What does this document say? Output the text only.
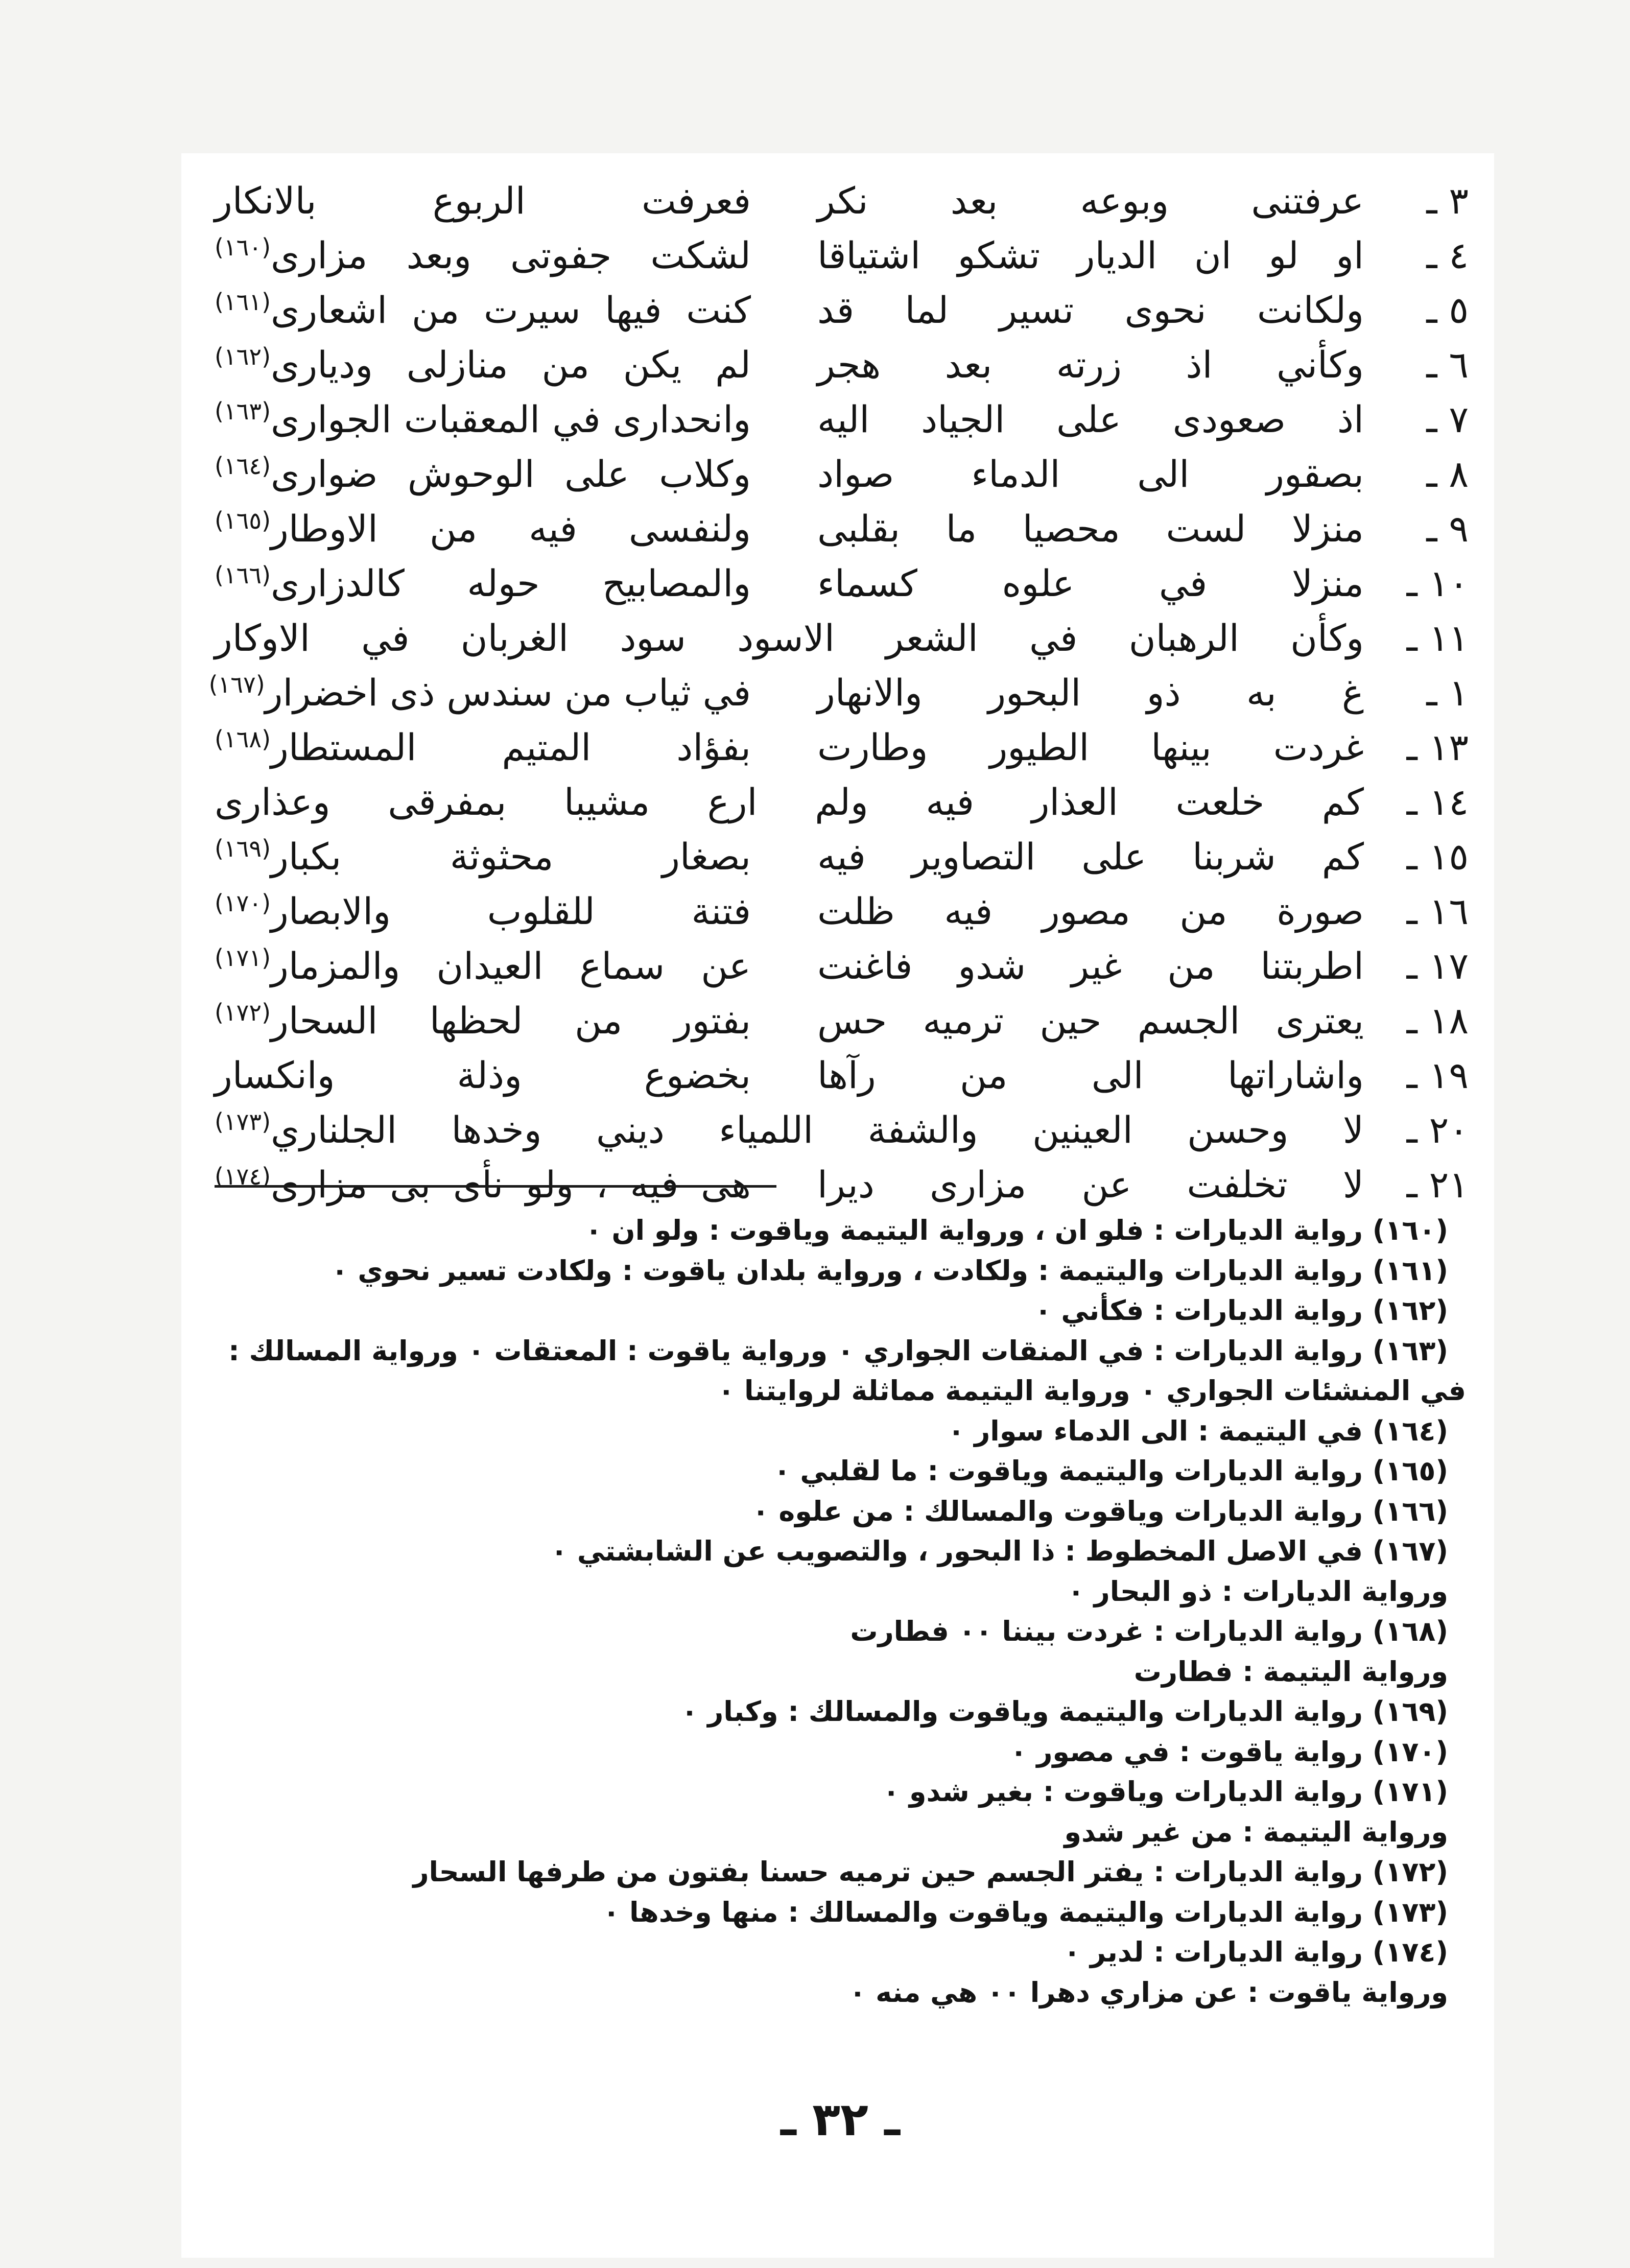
٣ ـ
عرفتنى وبوعه بعد نكر
فعرفت الربوع بالانكار
٤ ـ
او لو ان الديار تشكو اشتياقا
لشكت جفوتى وبعد مزارى$^{(١٦٠)}$
٥ ـ
ولكانت نحوى تسير لما قد
كنت فيها سيرت من اشعارى$^{(١٦١)}$
٦ ـ
وكأني اذ زرته بعد هجر
لم يكن من منازلى وديارى$^{(١٦٢)}$
٧ ـ
اذ صعودى على الجياد اليه
وانحدارى في المعقبات الجوارى$^{(١٦٣)}$
٨ ـ
بصقور الى الدماء صواد
وكلاب على الوحوش ضوارى$^{(١٦٤)}$
٩ ـ
منزلا لست محصيا ما بقلبى
ولنفسى فيه من الاوطار$^{(١٦٥)}$
١٠ ـ
منزلا في علوه كسماء
والمصابيح حوله كالدزارى$^{(١٦٦)}$
١١ ـ
وكأن الرهبان في الشعر الاسود سود الغربان في الاوكار
١ ـ
غ به ذو البحور والانهار
في ثياب من سندس ذى اخضرار$^{(١٦٧)}$
١٣ ـ
غردت بينها الطيور وطارت
بفؤاد المتيم المستطار$^{(١٦٨)}$
١٤ ـ
كم خلعت العذار فيه ولم ارع مشيبا بمفرقى وعذارى
١٥ ـ
كم شربنا على التصاوير فيه
بصغار محثوثة بكبار$^{(١٦٩)}$
١٦ ـ
صورة من مصور فيه ظلت
فتنة للقلوب والابصار$^{(١٧٠)}$
١٧ ـ
اطربتنا من غير شدو فاغنت
عن سماع العيدان والمزمار$^{(١٧١)}$
١٨ ـ
يعترى الجسم حين ترميه حس
بفتور من لحظها السحار$^{(١٧٢)}$
١٩ ـ
واشاراتها الى من رآها
بخضوع وذلة وانكسار
٢٠ ـ
لا وحسن العينين والشفة اللمياء ديني وخدها الجلناري$^{(١٧٣)}$
٢١ ـ
لا تخلفت عن مزارى ديرا
هى فيه ، ولو نأى بى مزارى$^{(١٧٤)}$
(١٦٠) رواية الديارات : فلو ان ، ورواية اليتيمة وياقوت : ولو ان ٠
(١٦١) رواية الديارات واليتيمة : ولكادت ، ورواية بلدان ياقوت : ولكادت تسير نحوي ٠
(١٦٢) رواية الديارات : فكأني ٠
(١٦٣) رواية الديارات : في المنقات الجواري ٠ ورواية ياقوت : المعتقات ٠ ورواية المسالك :
في المنشئات الجواري ٠ ورواية اليتيمة مماثلة لروايتنا ٠
(١٦٤) في اليتيمة : الى الدماء سوار ٠
(١٦٥) رواية الديارات واليتيمة وياقوت : ما لقلبي ٠
(١٦٦) رواية الديارات وياقوت والمسالك : من علوه ٠
(١٦٧) في الاصل المخطوط : ذا البحور ، والتصويب عن الشابشتي ٠
ورواية الديارات : ذو البحار ٠
(١٦٨) رواية الديارات : غردت بيننا ٠٠ فطارت
ورواية اليتيمة : فطارت
(١٦٩) رواية الديارات واليتيمة وياقوت والمسالك : وكبار ٠
(١٧٠) رواية ياقوت : في مصور ٠
(١٧١) رواية الديارات وياقوت : بغير شدو ٠
ورواية اليتيمة : من غير شدو
(١٧٢) رواية الديارات : يفتر الجسم حين ترميه حسنا بفتون من طرفها السحار
(١٧٣) رواية الديارات واليتيمة وياقوت والمسالك : منها وخدها ٠
(١٧٤) رواية الديارات : لدير ٠
ورواية ياقوت : عن مزاري دهرا ٠٠ هي منه ٠
ـ ٣٢ ـ
